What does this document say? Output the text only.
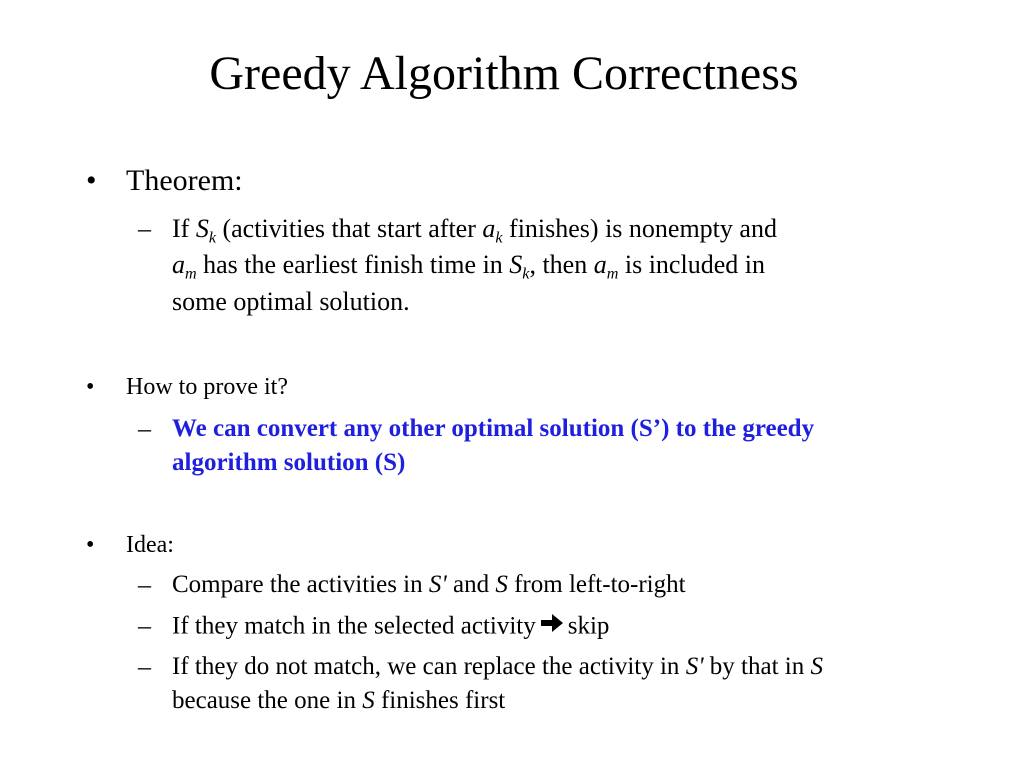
Greedy Algorithm Correctness
• Theorem:
– If $S_k$ (activities that start after $a_k$ finishes) is nonempty and
$a_m$ has the earliest finish time in $S_k$, then $a_m$ is included in
some optimal solution.
• How to prove it?
– We can convert any other optimal solution (S’) to the greedy
algorithm solution (S)
• Idea:
– Compare the activities in S' and S from left-to-right
– If they match in the selected activity skip
– If they do not match, we can replace the activity in S' by that in S
because the one in S finishes first
